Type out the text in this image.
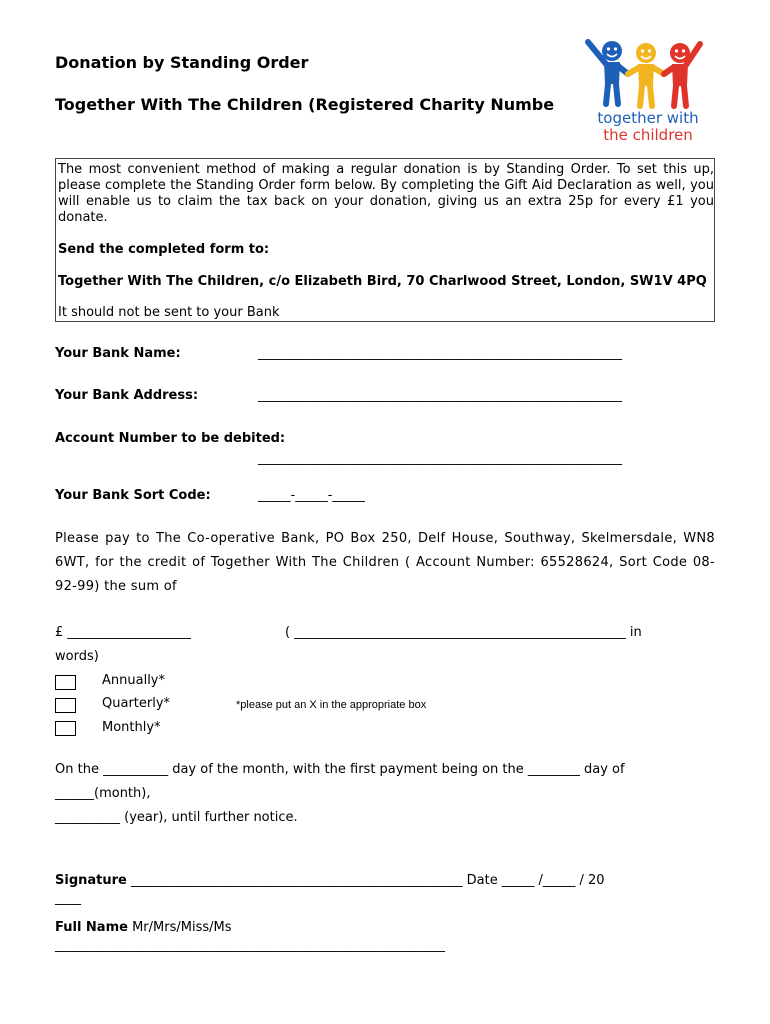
Donation by Standing Order
Together With The Children (Registered Charity Numbe
together with
the children
The most convenient method of making a regular donation is by Standing Order. To set this up, please complete the Standing Order form below. By completing the Gift Aid Declaration as well, you will enable us to claim the tax back on your donation, giving us an extra 25p for every £1 you donate.
Send the completed form to:
Together With The Children, c/o Elizabeth Bird, 70 Charlwood Street, London, SW1V 4PQ
It should not be sent to your Bank
Your Bank Name:	________________________________________________________
Your Bank Address:	________________________________________________________
Account Number to be debited:
________________________________________________________
Your Bank Sort Code:	_____-_____-_____
Please pay to The Co-operative Bank, PO Box 250, Delf House, Southway, Skelmersdale, WN8 6WT, for the credit of Together With The Children ( Account Number: 65528624, Sort Code 08-92-99) the sum of
£ ___________________	( ___________________________________________________ in
words)
Annually*
Quarterly*	*please put an X in the appropriate box
Monthly*
On the __________ day of the month, with the first payment being on the ________ day of
______(month),
__________ (year), until further notice.
Signature ___________________________________________________ Date _____ /_____ / 20
____
Full Name Mr/Mrs/Miss/Ms
____________________________________________________________
